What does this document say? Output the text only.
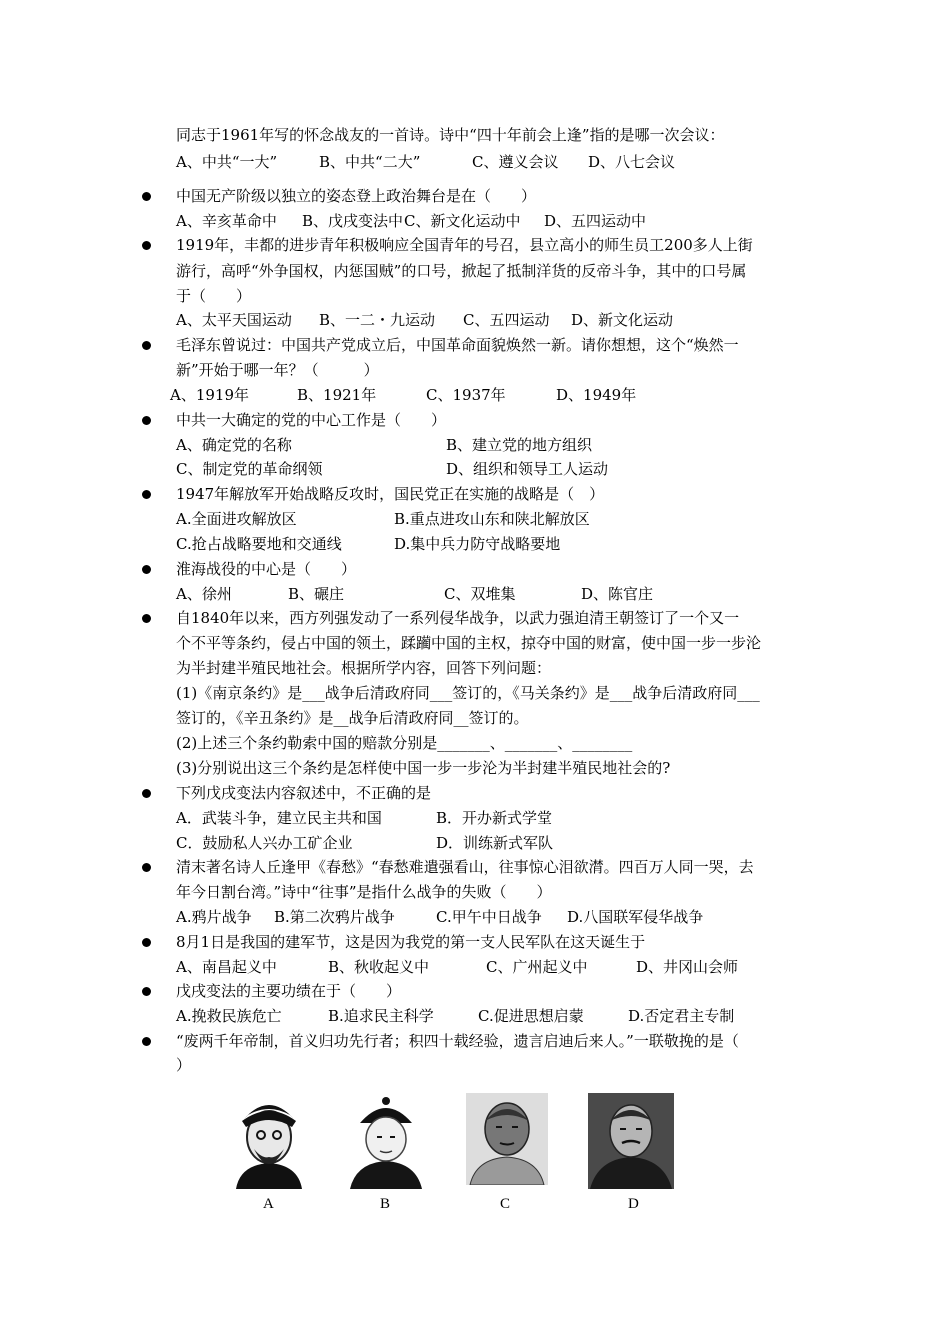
同志于1961年写的怀念战友的一首诗。诗中“四十年前会上逢”指的是哪一次会议：
A、中共“一大”	B、中共“二大”	C、遵义会议 D、八七会议
中国无产阶级以独立的姿态登上政治舞台是在（　　）
A、辛亥革命中 B、戊戌变法中 C、新文化运动中 D、五四运动中
1919年，丰都的进步青年积极响应全国青年的号召，县立高小的师生员工200多人上街
游行，高呼“外争国权，内惩国贼”的口号，掀起了抵制洋货的反帝斗争，其中的口号属
于（　　）
A、太平天国运动 B、一二・九运动 C、五四运动 D、新文化运动
毛泽东曾说过：中国共产党成立后，中国革命面貌焕然一新。请你想想，这个“焕然一
新”开始于哪一年？（　　　）
A、1919年	B、1921年	C、1937年	D、1949年
中共一大确定的党的中心工作是（　　）
A、确定党的名称	B、建立党的地方组织
C、制定党的革命纲领	D、组织和领导工人运动
1947年解放军开始战略反攻时，国民党正在实施的战略是（　）
A.全面进攻解放区	B.重点进攻山东和陕北解放区
C.抢占战略要地和交通线	D.集中兵力防守战略要地
淮海战役的中心是（　　）
A、徐州	B、碾庄	C、双堆集	D、陈官庄
自1840年以来，西方列强发动了一系列侵华战争，以武力强迫清王朝签订了一个又一
个不平等条约，侵占中国的领土，蹂躏中国的主权，掠夺中国的财富，使中国一步一步沦
为半封建半殖民地社会。根据所学内容，回答下列问题：
(1)《南京条约》是___战争后清政府同___签订的，《马关条约》是___战争后清政府同___
签订的，《辛丑条约》是__战争后清政府同__签订的。
(2)上述三个条约勒索中国的赔款分别是_______、_______、________
(3)分别说出这三个条约是怎样使中国一步一步沦为半封建半殖民地社会的?
下列戊戌变法内容叙述中，不正确的是
A．武装斗争，建立民主共和国	B．开办新式学堂
C．鼓励私人兴办工矿企业	D．训练新式军队
清末著名诗人丘逢甲《春愁》“春愁难遣强看山，往事惊心泪欲潸。四百万人同一哭，去
年今日割台湾。”诗中“往事”是指什么战争的失败（　　）
A.鸦片战争 B.第二次鸦片战争	C.甲午中日战争 D.八国联军侵华战争
8月1日是我国的建军节，这是因为我党的第一支人民军队在这天诞生于
A、南昌起义中	B、秋收起义中	C、广州起义中	D、井冈山会师
戊戌变法的主要功绩在于（　　）
A.挽救民族危亡	B.追求民主科学	C.促进思想启蒙	D.否定君主专制
“废两千年帝制，首义归功先行者；积四十载经验，遗言启迪后来人。”一联敬挽的是（
）
A	B	C	D
